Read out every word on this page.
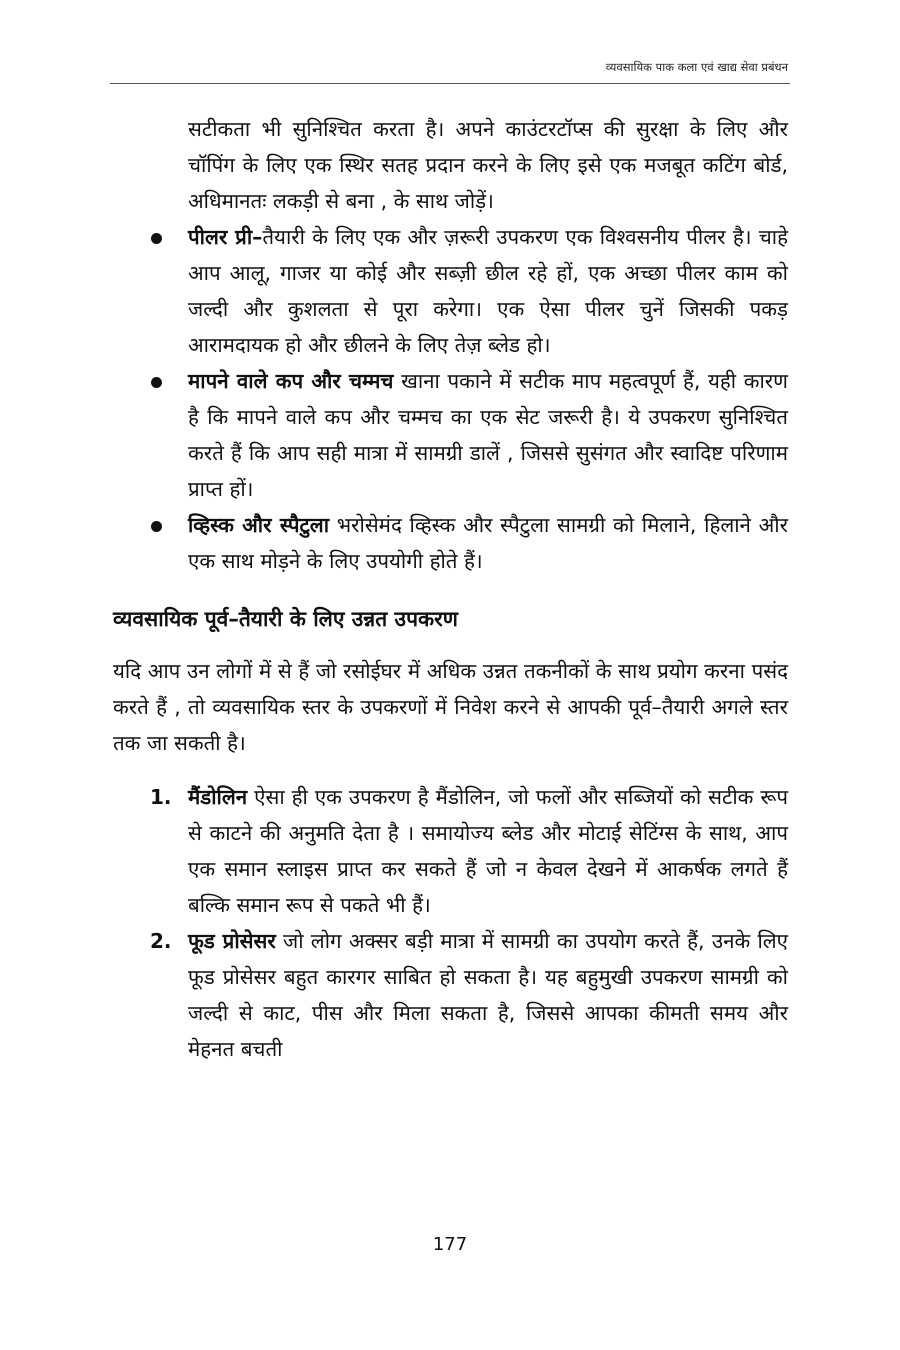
व्यवसायिक पाक कला एवं खाद्य सेवा प्रबंधन

सटीकता भी सुनिश्चित करता है। अपने काउंटरटॉप्स की सुरक्षा के लिए और चॉपिंग के लिए एक स्थिर सतह प्रदान करने के लिए इसे एक मजबूत कटिंग बोर्ड, अधिमानतः लकड़ी से बना , के साथ जोड़ें।

पीलर प्री–तैयारी के लिए एक और ज़रूरी उपकरण एक विश्वसनीय पीलर है। चाहे आप आलू, गाजर या कोई और सब्ज़ी छील रहे हों, एक अच्छा पीलर काम को जल्दी और कुशलता से पूरा करेगा। एक ऐसा पीलर चुनें जिसकी पकड़ आरामदायक हो और छीलने के लिए तेज़ ब्लेड हो।

मापने वाले कप और चम्मच खाना पकाने में सटीक माप महत्वपूर्ण हैं, यही कारण है कि मापने वाले कप और चम्मच का एक सेट जरूरी है। ये उपकरण सुनिश्चित करते हैं कि आप सही मात्रा में सामग्री डालें , जिससे सुसंगत और स्वादिष्ट परिणाम प्राप्त हों।

व्हिस्क और स्पैटुला भरोसेमंद व्हिस्क और स्पैटुला सामग्री को मिलाने, हिलाने और एक साथ मोड़ने के लिए उपयोगी होते हैं।

व्यवसायिक पूर्व–तैयारी के लिए उन्नत उपकरण

यदि आप उन लोगों में से हैं जो रसोईघर में अधिक उन्नत तकनीकों के साथ प्रयोग करना पसंद करते हैं , तो व्यवसायिक स्तर के उपकरणों में निवेश करने से आपकी पूर्व–तैयारी अगले स्तर तक जा सकती है।

1. मैंडोलिन ऐसा ही एक उपकरण है मैंडोलिन, जो फलों और सब्जियों को सटीक रूप से काटने की अनुमति देता है । समायोज्य ब्लेड और मोटाई सेटिंग्स के साथ, आप एक समान स्लाइस प्राप्त कर सकते हैं जो न केवल देखने में आकर्षक लगते हैं बल्कि समान रूप से पकते भी हैं।

2. फूड प्रोसेसर जो लोग अक्सर बड़ी मात्रा में सामग्री का उपयोग करते हैं, उनके लिए फूड प्रोसेसर बहुत कारगर साबित हो सकता है। यह बहुमुखी उपकरण सामग्री को जल्दी से काट, पीस और मिला सकता है, जिससे आपका कीमती समय और मेहनत बचती

177
